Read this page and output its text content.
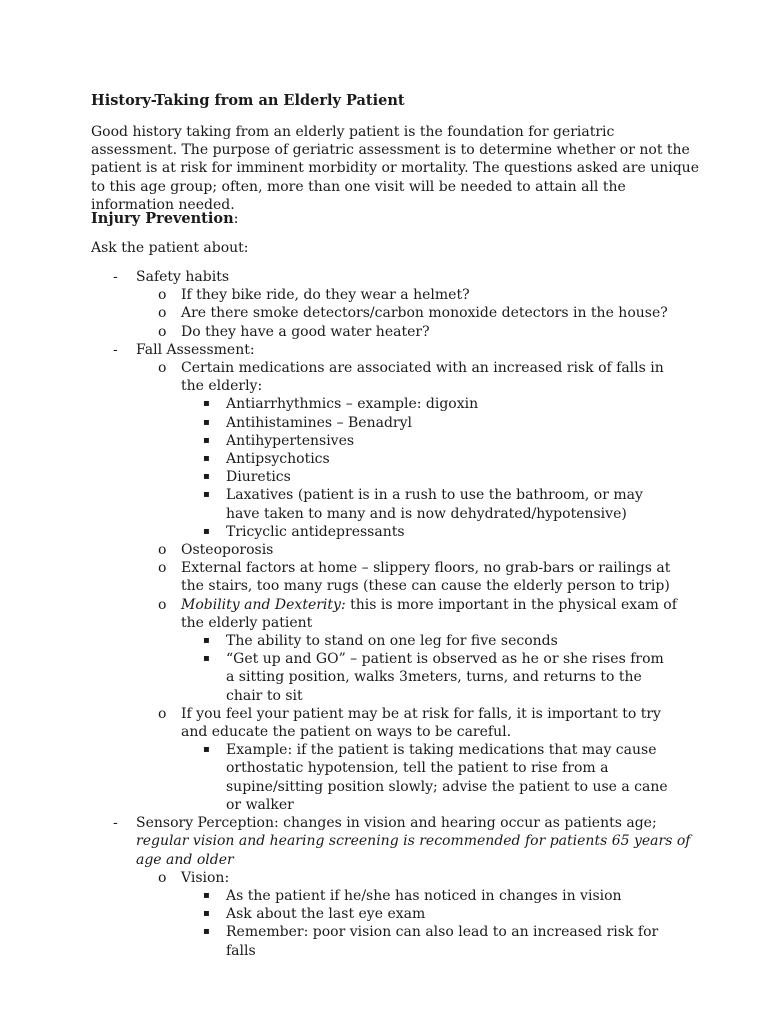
History-Taking from an Elderly Patient
Good history taking from an elderly patient is the foundation for geriatric assessment. The purpose of geriatric assessment is to determine whether or not the patient is at risk for imminent morbidity or mortality. The questions asked are unique to this age group; often, more than one visit will be needed to attain all the information needed.
Injury Prevention:
Ask the patient about:
- Safety habits
o If they bike ride, do they wear a helmet?
o Are there smoke detectors/carbon monoxide detectors in the house?
o Do they have a good water heater?
- Fall Assessment:
o Certain medications are associated with an increased risk of falls in the elderly:
▪ Antiarrhythmics – example: digoxin
▪ Antihistamines – Benadryl
▪ Antihypertensives
▪ Antipsychotics
▪ Diuretics
▪ Laxatives (patient is in a rush to use the bathroom, or may have taken to many and is now dehydrated/hypotensive)
▪ Tricyclic antidepressants
o Osteoporosis
o External factors at home – slippery floors, no grab-bars or railings at the stairs, too many rugs (these can cause the elderly person to trip)
o Mobility and Dexterity: this is more important in the physical exam of the elderly patient
▪ The ability to stand on one leg for five seconds
▪ “Get up and GO” – patient is observed as he or she rises from a sitting position, walks 3meters, turns, and returns to the chair to sit
o If you feel your patient may be at risk for falls, it is important to try and educate the patient on ways to be careful.
▪ Example: if the patient is taking medications that may cause orthostatic hypotension, tell the patient to rise from a supine/sitting position slowly; advise the patient to use a cane or walker
- Sensory Perception: changes in vision and hearing occur as patients age; regular vision and hearing screening is recommended for patients 65 years of age and older
o Vision:
▪ As the patient if he/she has noticed in changes in vision
▪ Ask about the last eye exam
▪ Remember: poor vision can also lead to an increased risk for falls
